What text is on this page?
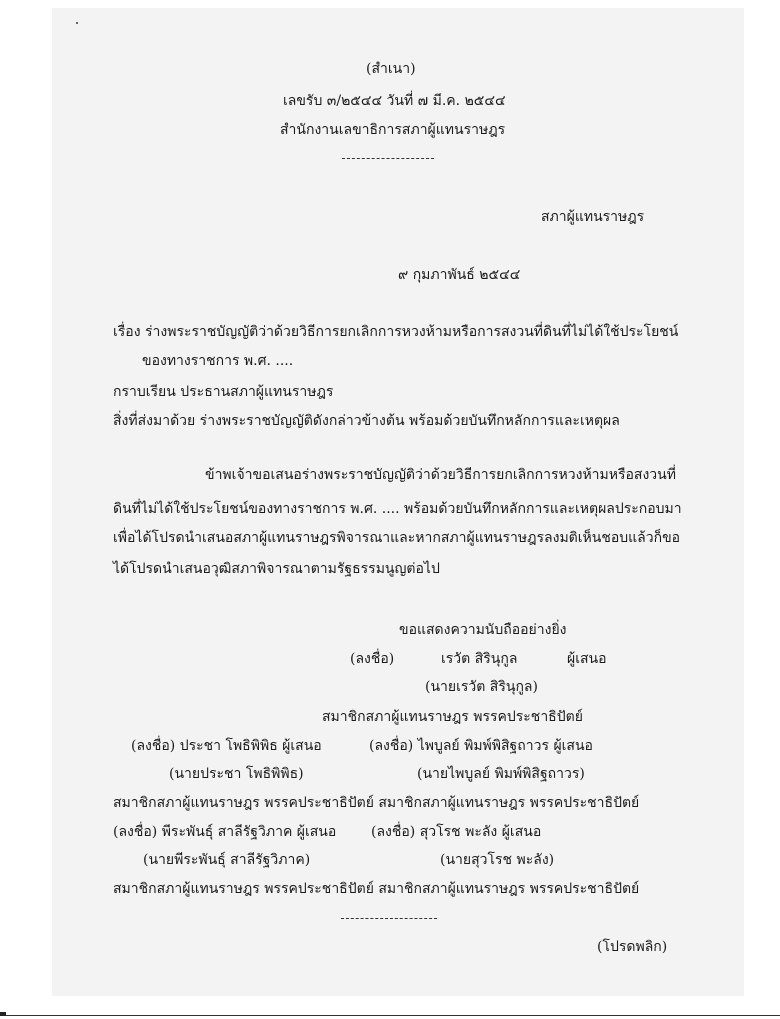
(สำเนา)
เลขรับ ๓/๒๕๔๔ วันที่ ๗ มี.ค. ๒๕๔๔
สำนักงานเลขาธิการสภาผู้แทนราษฎร
สภาผู้แทนราษฎร
๙ กุมภาพันธ์ ๒๕๔๔
เรื่อง ร่างพระราชบัญญัติว่าด้วยวิธีการยกเลิกการหวงห้ามหรือการสงวนที่ดินที่ไม่ได้ใช้ประโยชน์
ของทางราชการ พ.ศ. ....
กราบเรียน ประธานสภาผู้แทนราษฎร
สิ่งที่ส่งมาด้วย ร่างพระราชบัญญัติดังกล่าวข้างต้น พร้อมด้วยบันทึกหลักการและเหตุผล
ข้าพเจ้าขอเสนอร่างพระราชบัญญัติว่าด้วยวิธีการยกเลิกการหวงห้ามหรือสงวนที่
ดินที่ไม่ได้ใช้ประโยชน์ของทางราชการ พ.ศ. .... พร้อมด้วยบันทึกหลักการและเหตุผลประกอบมา
เพื่อได้โปรดนำเสนอสภาผู้แทนราษฎรพิจารณาและหากสภาผู้แทนราษฎรลงมติเห็นชอบแล้วก็ขอ
ได้โปรดนำเสนอวุฒิสภาพิจารณาตามรัฐธรรมนูญต่อไป
ขอแสดงความนับถืออย่างยิ่ง
(ลงชื่อ)	เรวัต สิรินุกูล	ผู้เสนอ
(นายเรวัต สิรินุกูล)
สมาชิกสภาผู้แทนราษฎร พรรคประชาธิปัตย์
(ลงชื่อ) ประชา โพธิพิพิธ ผู้เสนอ	(ลงชื่อ) ไพบูลย์ พิมพ์พิสิฐถาวร ผู้เสนอ
(นายประชา โพธิพิพิธ)	(นายไพบูลย์ พิมพ์พิสิฐถาวร)
สมาชิกสภาผู้แทนราษฎร พรรคประชาธิปัตย์ สมาชิกสภาผู้แทนราษฎร พรรคประชาธิปัตย์
(ลงชื่อ) พีระพันธุ์ สาลีรัฐวิภาค ผู้เสนอ (ลงชื่อ) สุวโรช พะลัง ผู้เสนอ
(นายพีระพันธุ์ สาลีรัฐวิภาค)	(นายสุวโรช พะลัง)
สมาชิกสภาผู้แทนราษฎร พรรคประชาธิปัตย์ สมาชิกสภาผู้แทนราษฎร พรรคประชาธิปัตย์
(โปรดพลิก)
